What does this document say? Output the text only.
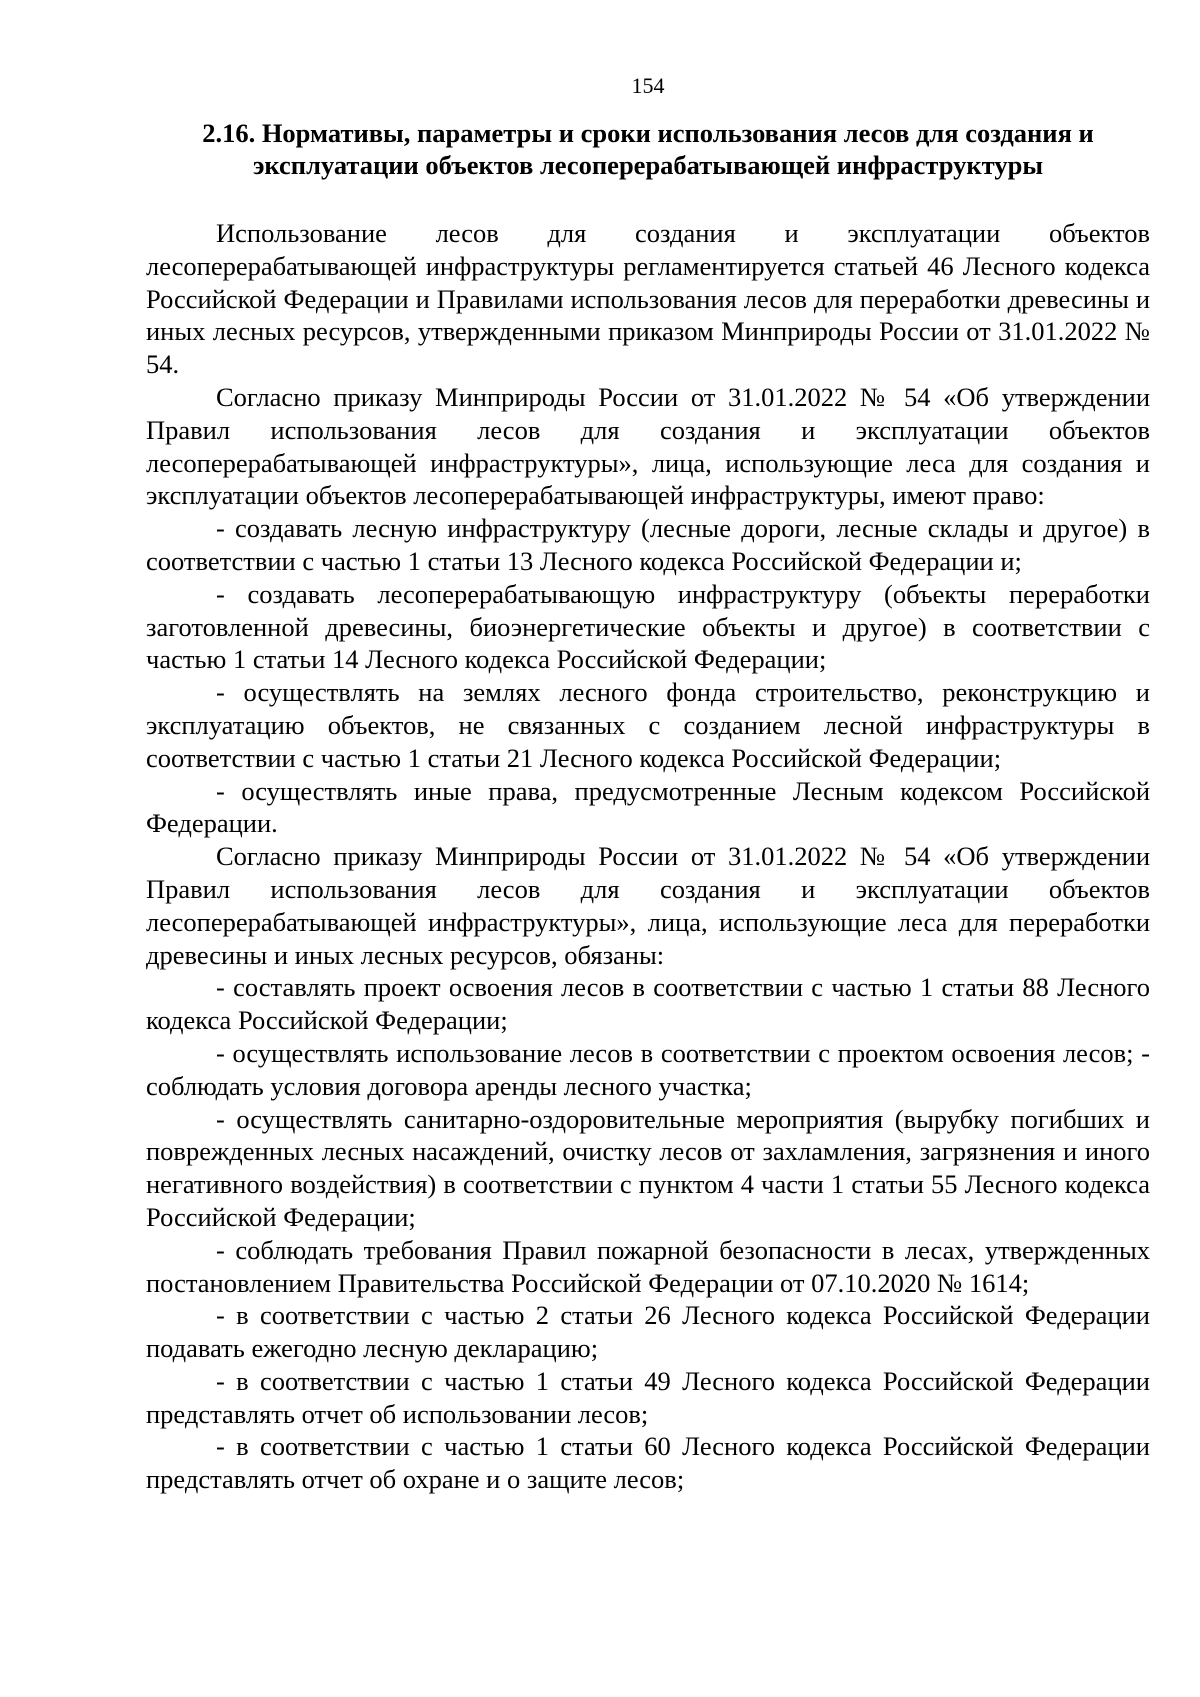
154
2.16. Нормативы, параметры и сроки использования лесов для создания и
эксплуатации объектов лесоперерабатывающей инфраструктуры

Использование лесов для создания и эксплуатации объектов лесоперерабатывающей инфраструктуры регламентируется статьей 46 Лесного кодекса Российской Федерации и Правилами использования лесов для переработки древесины и иных лесных ресурсов, утвержденными приказом Минприроды России от 31.01.2022 № 54.

Согласно приказу Минприроды России от 31.01.2022 № 54 «Об утверждении Правил использования лесов для создания и эксплуатации объектов лесоперерабатывающей инфраструктуры», лица, использующие леса для создания и эксплуатации объектов лесоперерабатывающей инфраструктуры, имеют право:

- создавать лесную инфраструктуру (лесные дороги, лесные склады и другое) в соответствии с частью 1 статьи 13 Лесного кодекса Российской Федерации и;

- создавать лесоперерабатывающую инфраструктуру (объекты переработки заготовленной древесины, биоэнергетические объекты и другое) в соответствии с частью 1 статьи 14 Лесного кодекса Российской Федерации;

- осуществлять на землях лесного фонда строительство, реконструкцию и эксплуатацию объектов, не связанных с созданием лесной инфраструктуры в соответствии с частью 1 статьи 21 Лесного кодекса Российской Федерации;

- осуществлять иные права, предусмотренные Лесным кодексом Российской Федерации.

Согласно приказу Минприроды России от 31.01.2022 № 54 «Об утверждении Правил использования лесов для создания и эксплуатации объектов лесоперерабатывающей инфраструктуры», лица, использующие леса для переработки древесины и иных лесных ресурсов, обязаны:

- составлять проект освоения лесов в соответствии с частью 1 статьи 88 Лесного кодекса Российской Федерации;

- осуществлять использование лесов в соответствии с проектом освоения лесов; - соблюдать условия договора аренды лесного участка;

- осуществлять санитарно-оздоровительные мероприятия (вырубку погибших и поврежденных лесных насаждений, очистку лесов от захламления, загрязнения и иного негативного воздействия) в соответствии с пунктом 4 части 1 статьи 55 Лесного кодекса Российской Федерации;

- соблюдать требования Правил пожарной безопасности в лесах, утвержденных постановлением Правительства Российской Федерации от 07.10.2020 № 1614;

- в соответствии с частью 2 статьи 26 Лесного кодекса Российской Федерации подавать ежегодно лесную декларацию;

- в соответствии с частью 1 статьи 49 Лесного кодекса Российской Федерации представлять отчет об использовании лесов;

- в соответствии с частью 1 статьи 60 Лесного кодекса Российской Федерации представлять отчет об охране и о защите лесов;
